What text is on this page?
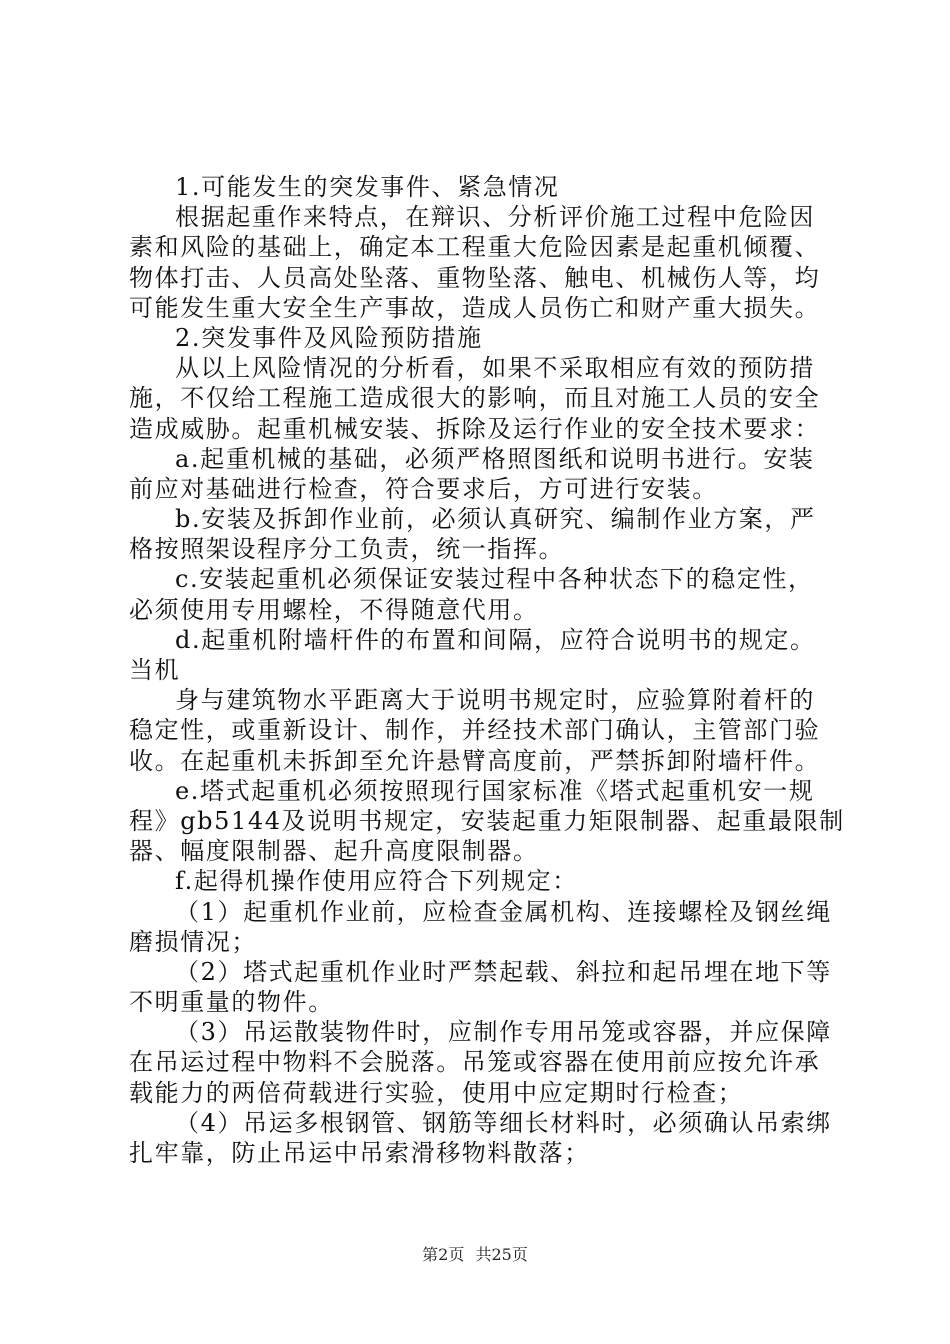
1.可能发生的突发事件、紧急情况
根据起重作来特点，在辩识、分析评价施工过程中危险因
素和风险的基础上，确定本工程重大危险因素是起重机倾覆、
物体打击、人员高处坠落、重物坠落、触电、机械伤人等，均
可能发生重大安全生产事故，造成人员伤亡和财产重大损失。
2.突发事件及风险预防措施
从以上风险情况的分析看，如果不采取相应有效的预防措
施，不仅给工程施工造成很大的影响，而且对施工人员的安全
造成威胁。起重机械安装、拆除及运行作业的安全技术要求：
a.起重机械的基础，必须严格照图纸和说明书进行。安装
前应对基础进行检查，符合要求后，方可进行安装。
b.安装及拆卸作业前，必须认真研究、编制作业方案，严
格按照架设程序分工负责，统一指挥。
c.安装起重机必须保证安装过程中各种状态下的稳定性，
必须使用专用螺栓，不得随意代用。
d.起重机附墙杆件的布置和间隔，应符合说明书的规定。
当机
身与建筑物水平距离大于说明书规定时，应验算附着杆的
稳定性，或重新设计、制作，并经技术部门确认，主管部门验
收。在起重机未拆卸至允许悬臂高度前，严禁拆卸附墙杆件。
e.塔式起重机必须按照现行国家标准《塔式起重机安一规
程》gb5144及说明书规定，安装起重力矩限制器、起重最限制
器、幅度限制器、起升高度限制器。
f.起得机操作使用应符合下列规定：
（1）起重机作业前，应检查金属机构、连接螺栓及钢丝绳
磨损情况；
（2）塔式起重机作业时严禁起载、斜拉和起吊埋在地下等
不明重量的物件。
（3）吊运散装物件时，应制作专用吊笼或容器，并应保障
在吊运过程中物料不会脱落。吊笼或容器在使用前应按允许承
载能力的两倍荷载进行实验，使用中应定期时行检查；
（4）吊运多根钢管、钢筋等细长材料时，必须确认吊索绑
扎牢靠，防止吊运中吊索滑移物料散落；
第2页 共25页
